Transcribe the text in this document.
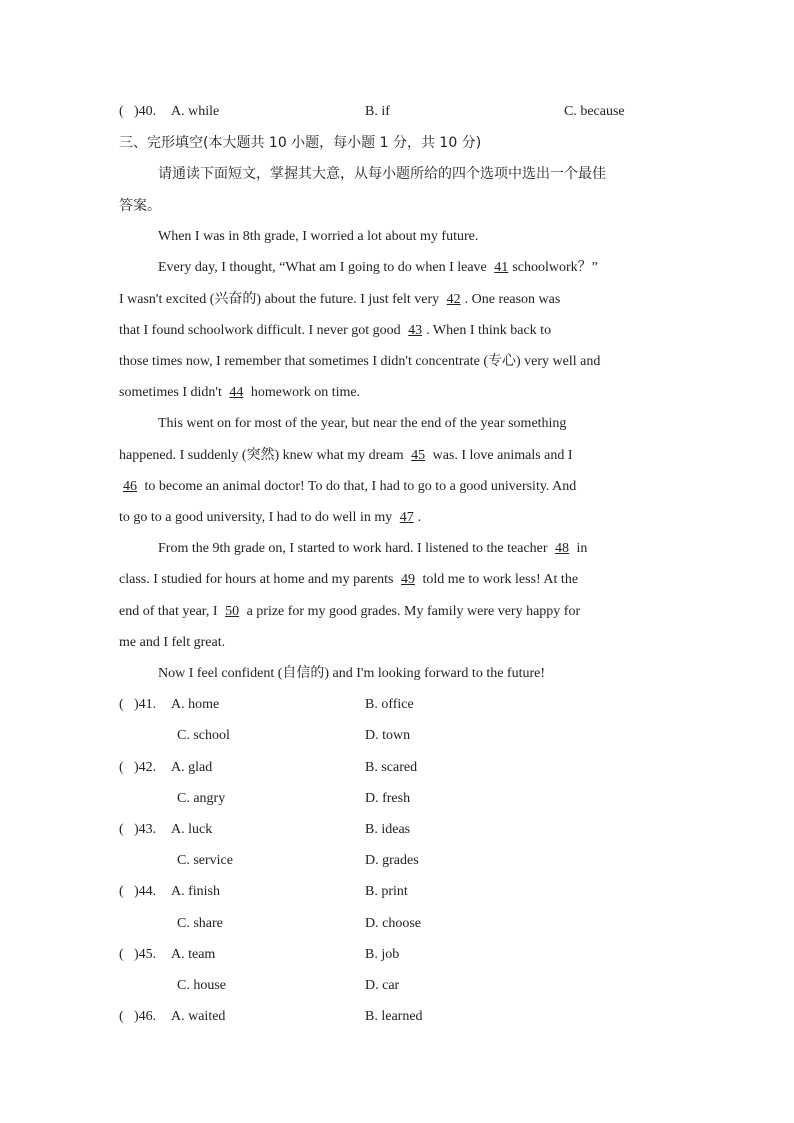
( )40. A. while	B. if	C. because
三、完形填空(本大题共 10 小题，每小题 1 分，共 10 分)
请通读下面短文，掌握其大意，从每小题所给的四个选项中选出一个最佳
答案。
When I was in 8th grade, I worried a lot about my future.
Every day, I thought, “What am I going to do when I leave 41 schoolwork？”
I wasn't excited (兴奋的) about the future. I just felt very 42 . One reason was
that I found schoolwork difficult. I never got good 43 . When I think back to
those times now, I remember that sometimes I didn't concentrate (专心) very well and
sometimes I didn't 44 homework on time.
This went on for most of the year, but near the end of the year something
happened. I suddenly (突然) knew what my dream 45 was. I love animals and I
46 to become an animal doctor! To do that, I had to go to a good university. And
to go to a good university, I had to do well in my 47 .
From the 9th grade on, I started to work hard. I listened to the teacher 48 in
class. I studied for hours at home and my parents 49 told me to work less! At the
end of that year, I 50 a prize for my good grades. My family were very happy for
me and I felt great.
Now I feel confident (自信的) and I'm looking forward to the future!
( )41. A. home	B. office
C. school	D. town
( )42. A. glad	B. scared
C. angry	D. fresh
( )43. A. luck	B. ideas
C. service	D. grades
( )44. A. finish	B. print
C. share	D. choose
( )45. A. team	B. job
C. house	D. car
( )46. A. waited	B. learned
